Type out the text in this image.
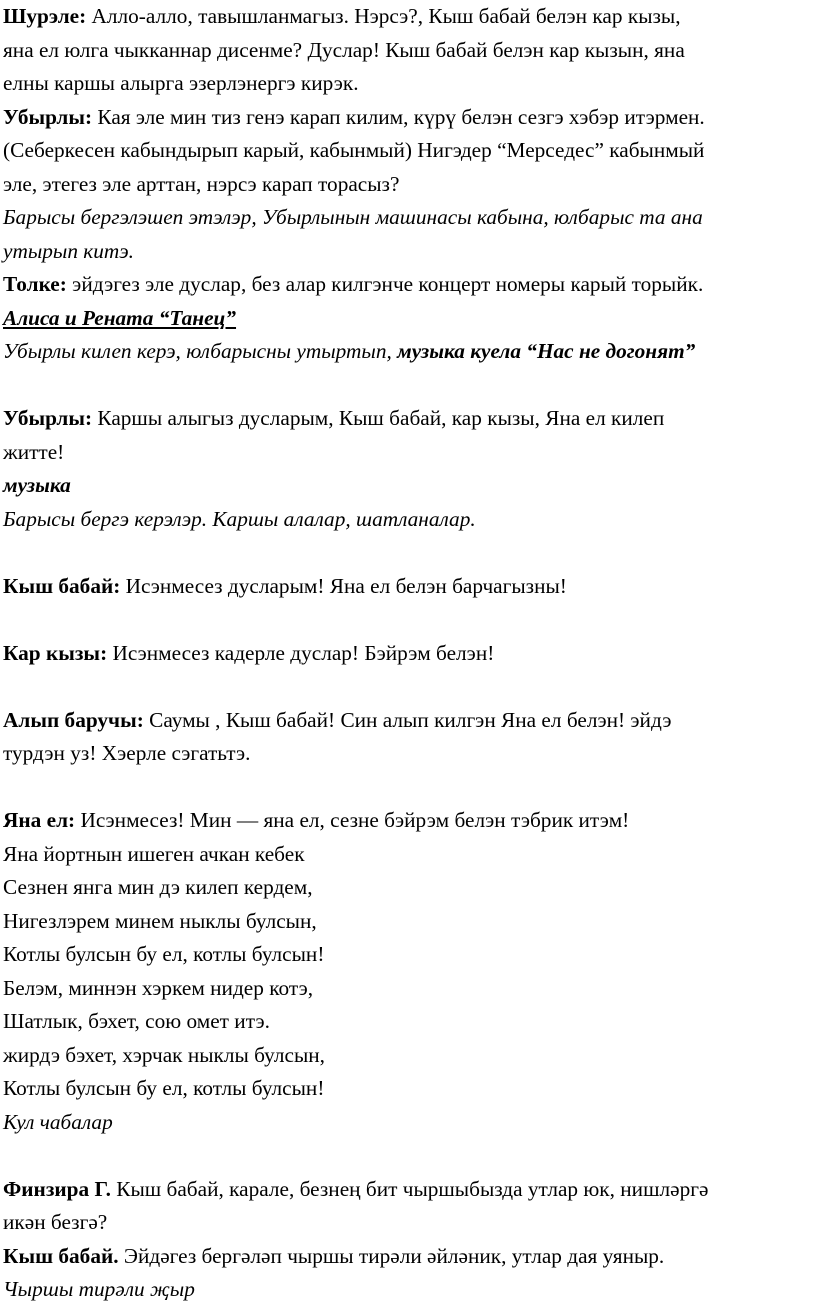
Шурэле: Алло-алло, тавышланмагыз. Нэрсэ?, Кыш бабай белэн кар кызы,
яна ел юлга чыкканнар дисенме? Дуслар! Кыш бабай белэн кар кызын, яна
елны каршы алырга эзерлэнергэ кирэк.
Убырлы: Кая эле мин тиз генэ карап килим, күрү белэн сезгэ хэбэр итэрмен.
(Себеркесен кабындырып карый, кабынмый) Нигэдер “Мерседес” кабынмый
эле, этегез эле арттан, нэрсэ карап торасыз?
Барысы бергэлэшеп этэлэр, Убырлынын машинасы кабына, юлбарыс та ана
утырып китэ.
Толке: эйдэгез эле дуслар, без алар килгэнче концерт номеры карый торыйк.
Алиса и Рената “Танец”
Убырлы килеп керэ, юлбарысны утыртып, музыка куела “Нас не догонят”
Убырлы: Каршы алыгыз дусларым, Кыш бабай, кар кызы, Яна ел килеп
житте!
музыка
Барысы бергэ керэлэр. Каршы алалар, шатланалар.
Кыш бабай: Исэнмесез дусларым! Яна ел белэн барчагызны!
Кар кызы: Исэнмесез кадерле дуслар! Бэйрэм белэн!
Алып баручы: Саумы , Кыш бабай! Син алып килгэн Яна ел белэн! эйдэ
турдэн уз! Хэерле сэгатьтэ.
Яна ел: Исэнмесез! Мин — яна ел, сезне бэйрэм белэн тэбрик итэм!
Яна йортнын ишеген ачкан кебек
Сезнен янга мин дэ килеп кердем,
Нигезлэрем минем ныклы булсын,
Котлы булсын бу ел, котлы булсын!
Белэм, миннэн хэркем нидер котэ,
Шатлык, бэхет, сою омет итэ.
жирдэ бэхет, хэрчак ныклы булсын,
Котлы булсын бу ел, котлы булсын!
Кул чабалар
Финзира Г. Кыш бабай, карале, безнең бит чыршыбызда утлар юк, нишләргә
икән безгә?
Кыш бабай. Эйдәгез бергәләп чыршы тирәли әйләник, утлар дая уяныр.
Чыршы тирәли җыр
